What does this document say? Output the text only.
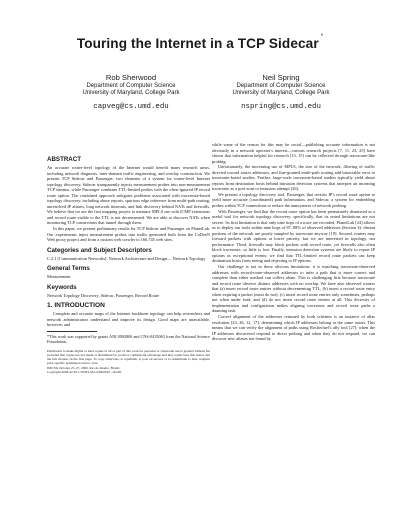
Touring the Internet in a TCP Sidecar *
Rob Sherwood
Department of Computer Science
University of Maryland, College Park
capveg@cs.umd.edu
Neil Spring
Department of Computer Science
University of Maryland, College Park
nspring@cs.umd.edu
ABSTRACT

An accurate router-level topology of the Internet would benefit many research areas, including network diagnosis, inter-domain traffic engineering, and overlay construction. We present TCP Sidecar and Passenger, two elements of a system for router-level Internet topology discovery. Sidecar transparently injects measurement probes into non-measurement TCP streams, while Passenger combines TTL-limited probes with the often-ignored IP record route option. The combined approach mitigates problems associated with traceroute-based topology discovery, including abuse reports, spurious edge inference from multi-path routing, unresolved IP aliases, long network timeouts, and link discovery behind NATs and firewalls. We believe that we are the first mapping project to measure MPLS use with ICMP extensions and record route visible to the TTL is not decremented. We are able to discover NATs when monitoring TCP connections that tunnel through them.

In this paper, we present preliminary results for TCP Sidecar and Passenger on PlanetLab. Our experiments inject measurement probes into traffic generated both from the CoDeeN Web proxy project and from a custom web crawler to 166,745 web sites.

Categories and Subject Descriptors

C.2.1 [Communication Networks]: Network Architecture and Design— Network Topology

General Terms

Measurement

Keywords

Network Topology Discovery, Sidecar, Passenger, Record Route

1. INTRODUCTION

Complete and accurate maps of the Internet backbone topology can help researchers and network administrators understand and improve its design. Good maps are unavailable, however, and

*This work was supported by grants ANI 0092806 and CNS-0435065 from the National Science Foundation.

Permission to make digital or hard copies of all or part of this work for personal or classroom use is granted without fee provided that copies are not made or distributed for profit or commercial advantage and that copies bear this notice and the full citation on the first page. To copy otherwise, to republish, to post on servers or to redistribute to lists, requires prior specific permission and/or a fee.

IMC'06, October 25–27, 2006, Rio de Janeiro, Brazil.

Copyright 2006 ACM 1-59593-561-4/06/0010 ...$5.00.

while some of the reason for this may be social—publishing accurate information is not obviously in a network operator's interest—various research projects [7, 11, 23, 25] have shown that information helpful for research [13, 15] can be collected through traceroute-like probing.

Unfortunately, the increasing use of MPLS, the size of the network, filtering of traffic directed toward router addresses, and fine-grained multi-path routing add intractable error to traceroute-based studies. Further, large-scale traceroute-based studies typically yield abuse reports from destination hosts behind intrusion detection systems that interpret an incoming traceroute as a port-scan or intrusion attempt [26].

We present a topology discovery tool, Passenger, that revisits IP's record route option to yield more accurate (coordinated) path information, and Sidecar, a system for embedding probes within TCP connections to reduce the annoyances of network probing.

With Passenger, we find that the record route option has been prematurely dismissed as a useful tool for network topology discovery: specifically, that its noted limitations are not severe. Its first limitation is that only nine hops of a trace are recorded. PlanetLab [24] allows us to deploy our tools within nine hops of 87–88% of observed addresses (Section 4): distant portions of the network are poorly sampled by traceroute anyway [19]. Second, routers may forward packets with options at lower priority, but we are interested in topology, not performance. Third, firewalls may block packets with record route, yet firewalls also often block traceroute, so little is lost. Finally, intrusion detection systems are likely to report IP options as exceptional events; we find that TTL-limited record route packets can keep destination hosts from seeing and objecting to IP options.

Our challenge is not in these obvious limitations: it is matching traceroute-observed addresses with record-route-observed addresses to infer a path that is more correct and complete than either method can collect alone. This is challenging first because traceroute and record route observe distinct addresses with no overlap. We have also observed routers that (a) insert record route entries without decrementing TTL, (b) insert a record route entry when expiring a packet (most do not), (c) insert record route entries only sometimes, perhaps not when under load, and (d) do not insert record route entries at all. This diversity of implementation and configuration makes aligning traceroute and record route paths a daunting task.

Correct alignment of the addresses returned by both schemes is an instance of alias resolution [23, 26, 12, 17]: determining which IP addresses belong to the same router. This means that we can verify the alignment of paths using Rocketfuel's ally tool [27]: when the IP addresses discovered respond to direct probing and when they do not respond, we can discover new aliases not found by
